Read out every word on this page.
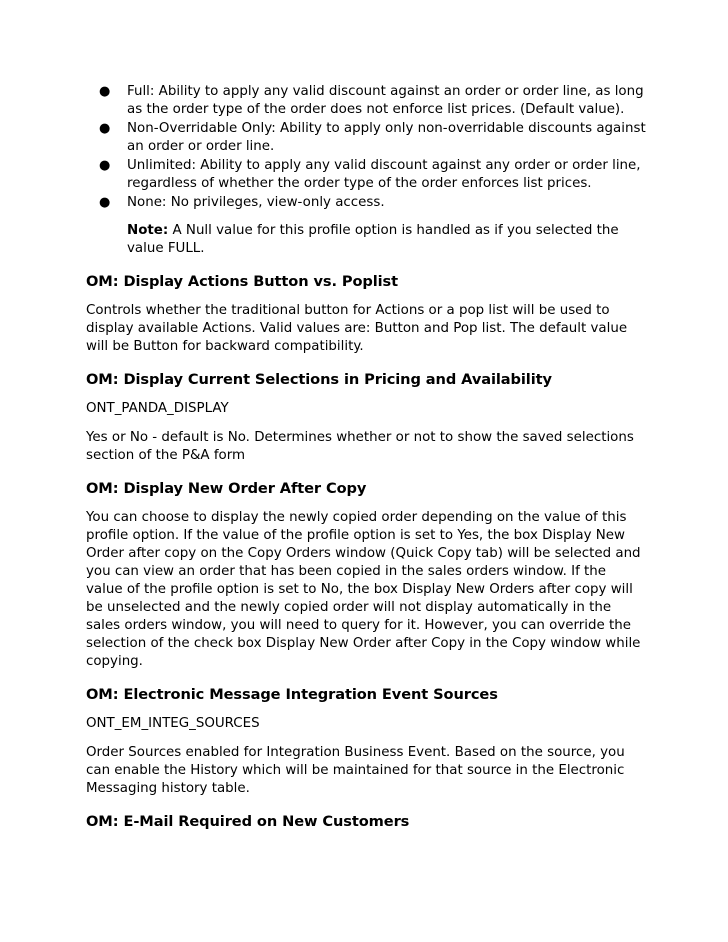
● Full: Ability to apply any valid discount against an order or order line, as long as the order type of the order does not enforce list prices. (Default value).
● Non-Overridable Only: Ability to apply only non-overridable discounts against an order or order line.
● Unlimited: Ability to apply any valid discount against any order or order line, regardless of whether the order type of the order enforces list prices.
● None: No privileges, view-only access.
Note: A Null value for this profile option is handled as if you selected the value FULL.
OM: Display Actions Button vs. Poplist

Controls whether the traditional button for Actions or a pop list will be used to display available Actions. Valid values are: Button and Pop list. The default value will be Button for backward compatibility.

OM: Display Current Selections in Pricing and Availability

ONT_PANDA_DISPLAY

Yes or No - default is No. Determines whether or not to show the saved selections section of the P&A form

OM: Display New Order After Copy

You can choose to display the newly copied order depending on the value of this profile option. If the value of the profile option is set to Yes, the box Display New Order after copy on the Copy Orders window (Quick Copy tab) will be selected and you can view an order that has been copied in the sales orders window. If the value of the profile option is set to No, the box Display New Orders after copy will be unselected and the newly copied order will not display automatically in the sales orders window, you will need to query for it. However, you can override the selection of the check box Display New Order after Copy in the Copy window while copying.

OM: Electronic Message Integration Event Sources

ONT_EM_INTEG_SOURCES

Order Sources enabled for Integration Business Event. Based on the source, you can enable the History which will be maintained for that source in the Electronic Messaging history table.

OM: E-Mail Required on New Customers
